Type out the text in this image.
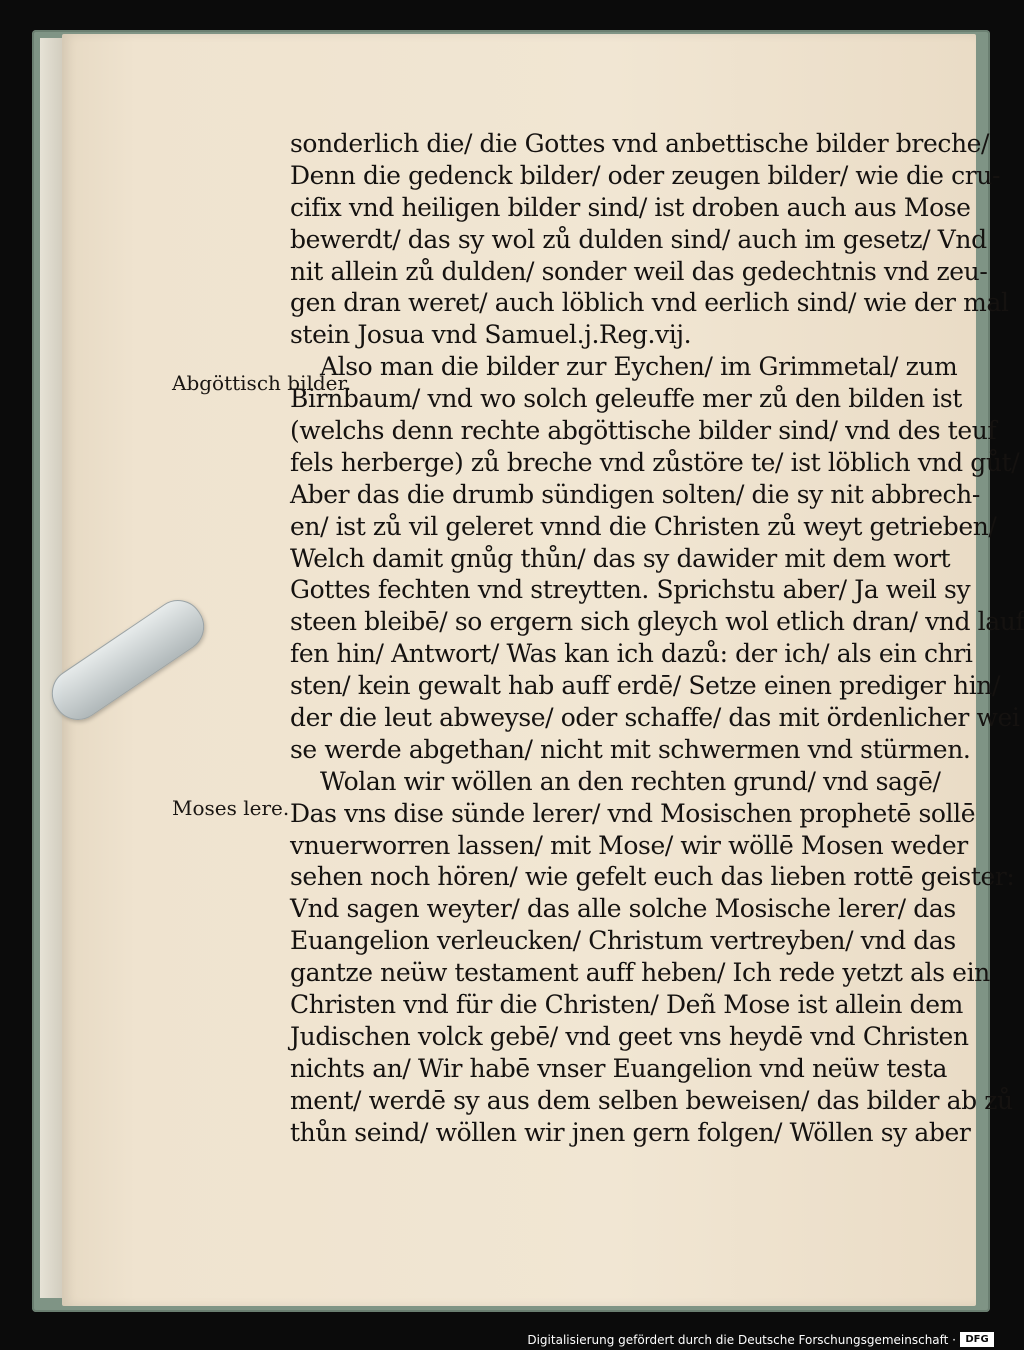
Abgöttisch bilder.
Moses lere.
sonderlich die/ die Gottes vnd anbettische bilder breche/
Denn die gedenck bilder/ oder zeugen bilder/ wie die cru‑
cifix vnd heiligen bilder sind/ ist droben auch aus Mose
bewerdt/ das sy wol zů dulden sind/ auch im gesetz/ Vnd
nit allein zů dulden/ sonder weil das gedechtnis vnd zeu‑
gen dran weret/ auch löblich vnd eerlich sind/ wie der mal
stein Josua vnd Samuel.j.Reg.vij.
Also man die bilder zur Eychen/ im Grimmetal/ zum
Birnbaum/ vnd wo solch geleuffe mer zů den bilden ist
(welchs denn rechte abgöttische bilder sind/ vnd des teuf
fels herberge) zů breche vnd zůstöre te/ ist löblich vnd gůt/
Aber das die drumb sündigen solten/ die sy nit abbrech‑
en/ ist zů vil geleret vnnd die Christen zů weyt getrieben/
Welch damit gnůg thůn/ das sy dawider mit dem wort
Gottes fechten vnd streytten. Sprichstu aber/ Ja weil sy
steen bleibē/ so ergern sich gleych wol etlich dran/ vnd lauf
fen hin/ Antwort/ Was kan ich dazů: der ich/ als ein chri
sten/ kein gewalt hab auff erdē/ Setze einen prediger hin/
der die leut abweyse/ oder schaffe/ das mit ördenlicher wei
se werde abgethan/ nicht mit schwermen vnd stürmen.
Wolan wir wöllen an den rechten grund/ vnd sagē/
Das vns dise sünde lerer/ vnd Mosischen prophetē sollē
vnuerworren lassen/ mit Mose/ wir wöllē Mosen weder
sehen noch hören/ wie gefelt euch das lieben rottē geister:
Vnd sagen weyter/ das alle solche Mosische lerer/ das
Euangelion verleucken/ Christum vertreyben/ vnd das
gantze neüw testament auff heben/ Ich rede yetzt als ein
Christen vnd für die Christen/ Deñ Mose ist allein dem
Judischen volck gebē/ vnd geet vns heydē vnd Christen
nichts an/ Wir habē vnser Euangelion vnd neüw testa
ment/ werdē sy aus dem selben beweisen/ das bilder ab zů
thůn seind/ wöllen wir jnen gern folgen/ Wöllen sy aber
Digitalisierung gefördert durch die Deutsche Forschungsgemeinschaft · DFG
